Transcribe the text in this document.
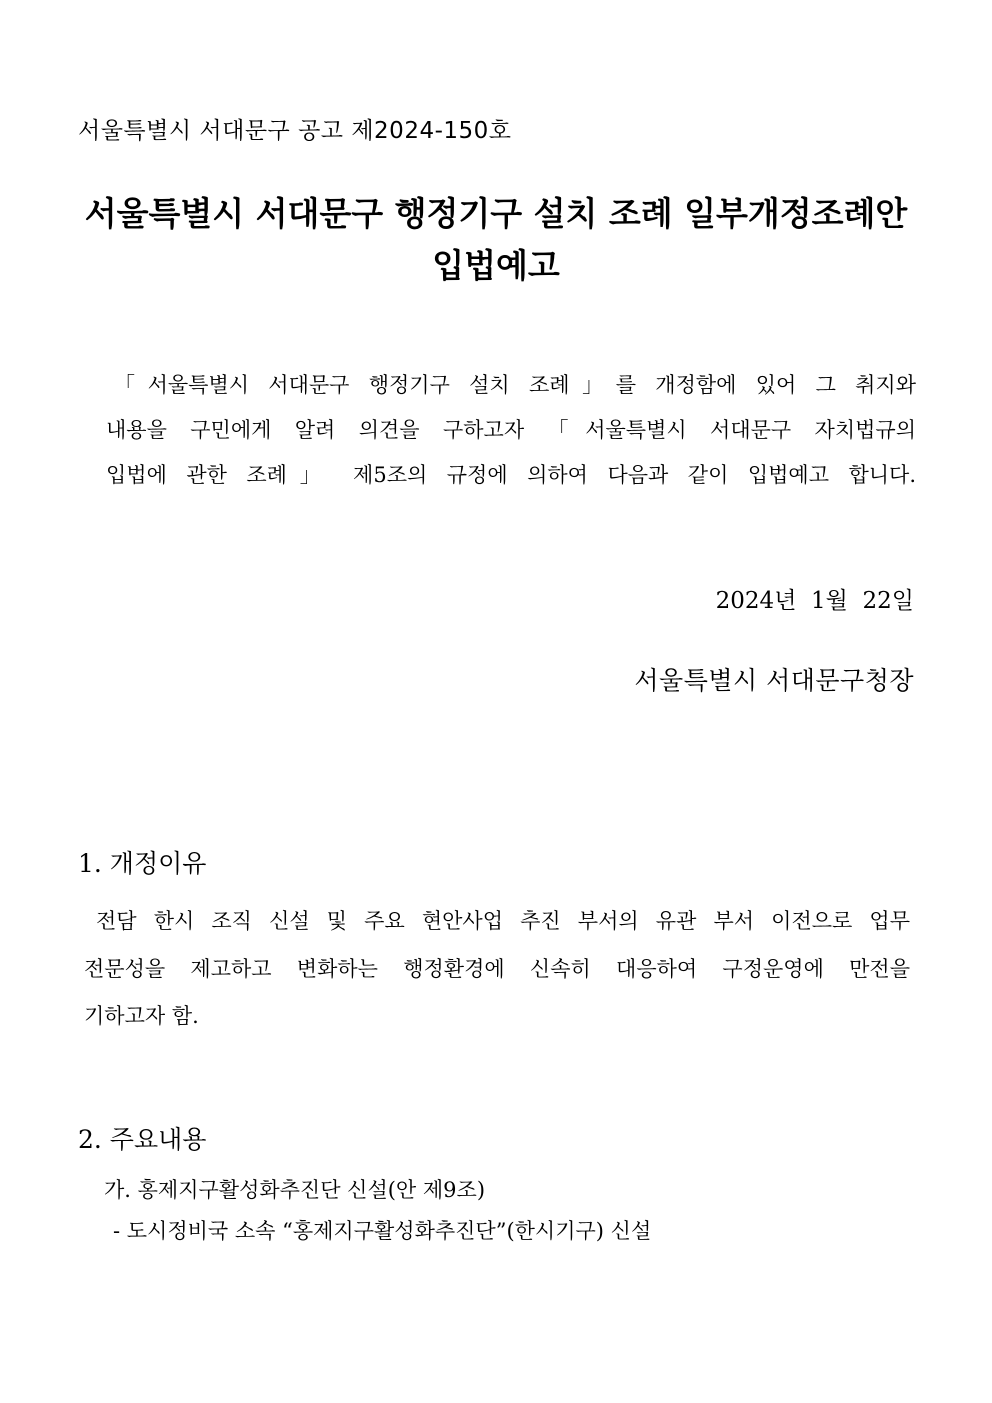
서울특별시 서대문구 공고 제2024-150호
서울특별시 서대문구 행정기구 설치 조례 일부개정조례안
입법예고
「서울특별시 서대문구 행정기구 설치 조례」를 개정함에 있어 그 취지와
내용을 구민에게 알려 의견을 구하고자 「서울특별시 서대문구 자치법규의
입법에 관한 조례」 제5조의 규정에 의하여 다음과 같이 입법예고 합니다.
2024년  1월  22일
서울특별시 서대문구청장
1. 개정이유
전담 한시 조직 신설 및 주요 현안사업 추진 부서의 유관 부서 이전으로 업무
전문성을 제고하고 변화하는 행정환경에 신속히 대응하여 구정운영에 만전을
기하고자 함.
2. 주요내용
가. 홍제지구활성화추진단 신설(안 제9조)
- 도시정비국 소속 “홍제지구활성화추진단”(한시기구) 신설
